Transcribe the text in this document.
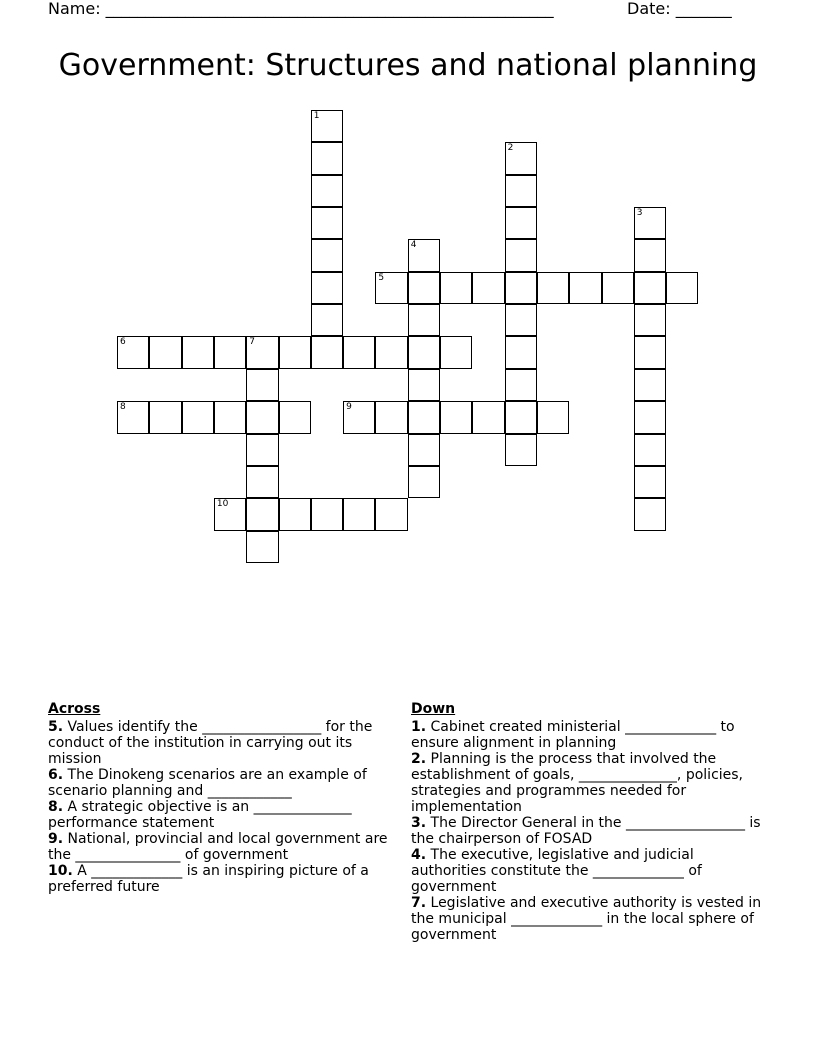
Name: ________________________________________________________	Date: _______
Government: Structures and national planning
1
2
3
4
5
6	7
8	9
10
Across

5. Values identify the _________________ for the conduct of the institution in carrying out its mission

6. The Dinokeng scenarios are an example of scenario planning and ____________

8. A strategic objective is an ______________ performance statement

9. National, provincial and local government are the _______________ of government

10. A _____________ is an inspiring picture of a preferred future

Down

1. Cabinet created ministerial _____________ to ensure alignment in planning

2. Planning is the process that involved the establishment of goals, ______________, policies, strategies and programmes needed for implementation

3. The Director General in the _________________ is the chairperson of FOSAD

4. The executive, legislative and judicial authorities constitute the _____________ of government

7. Legislative and executive authority is vested in the municipal _____________ in the local sphere of government
